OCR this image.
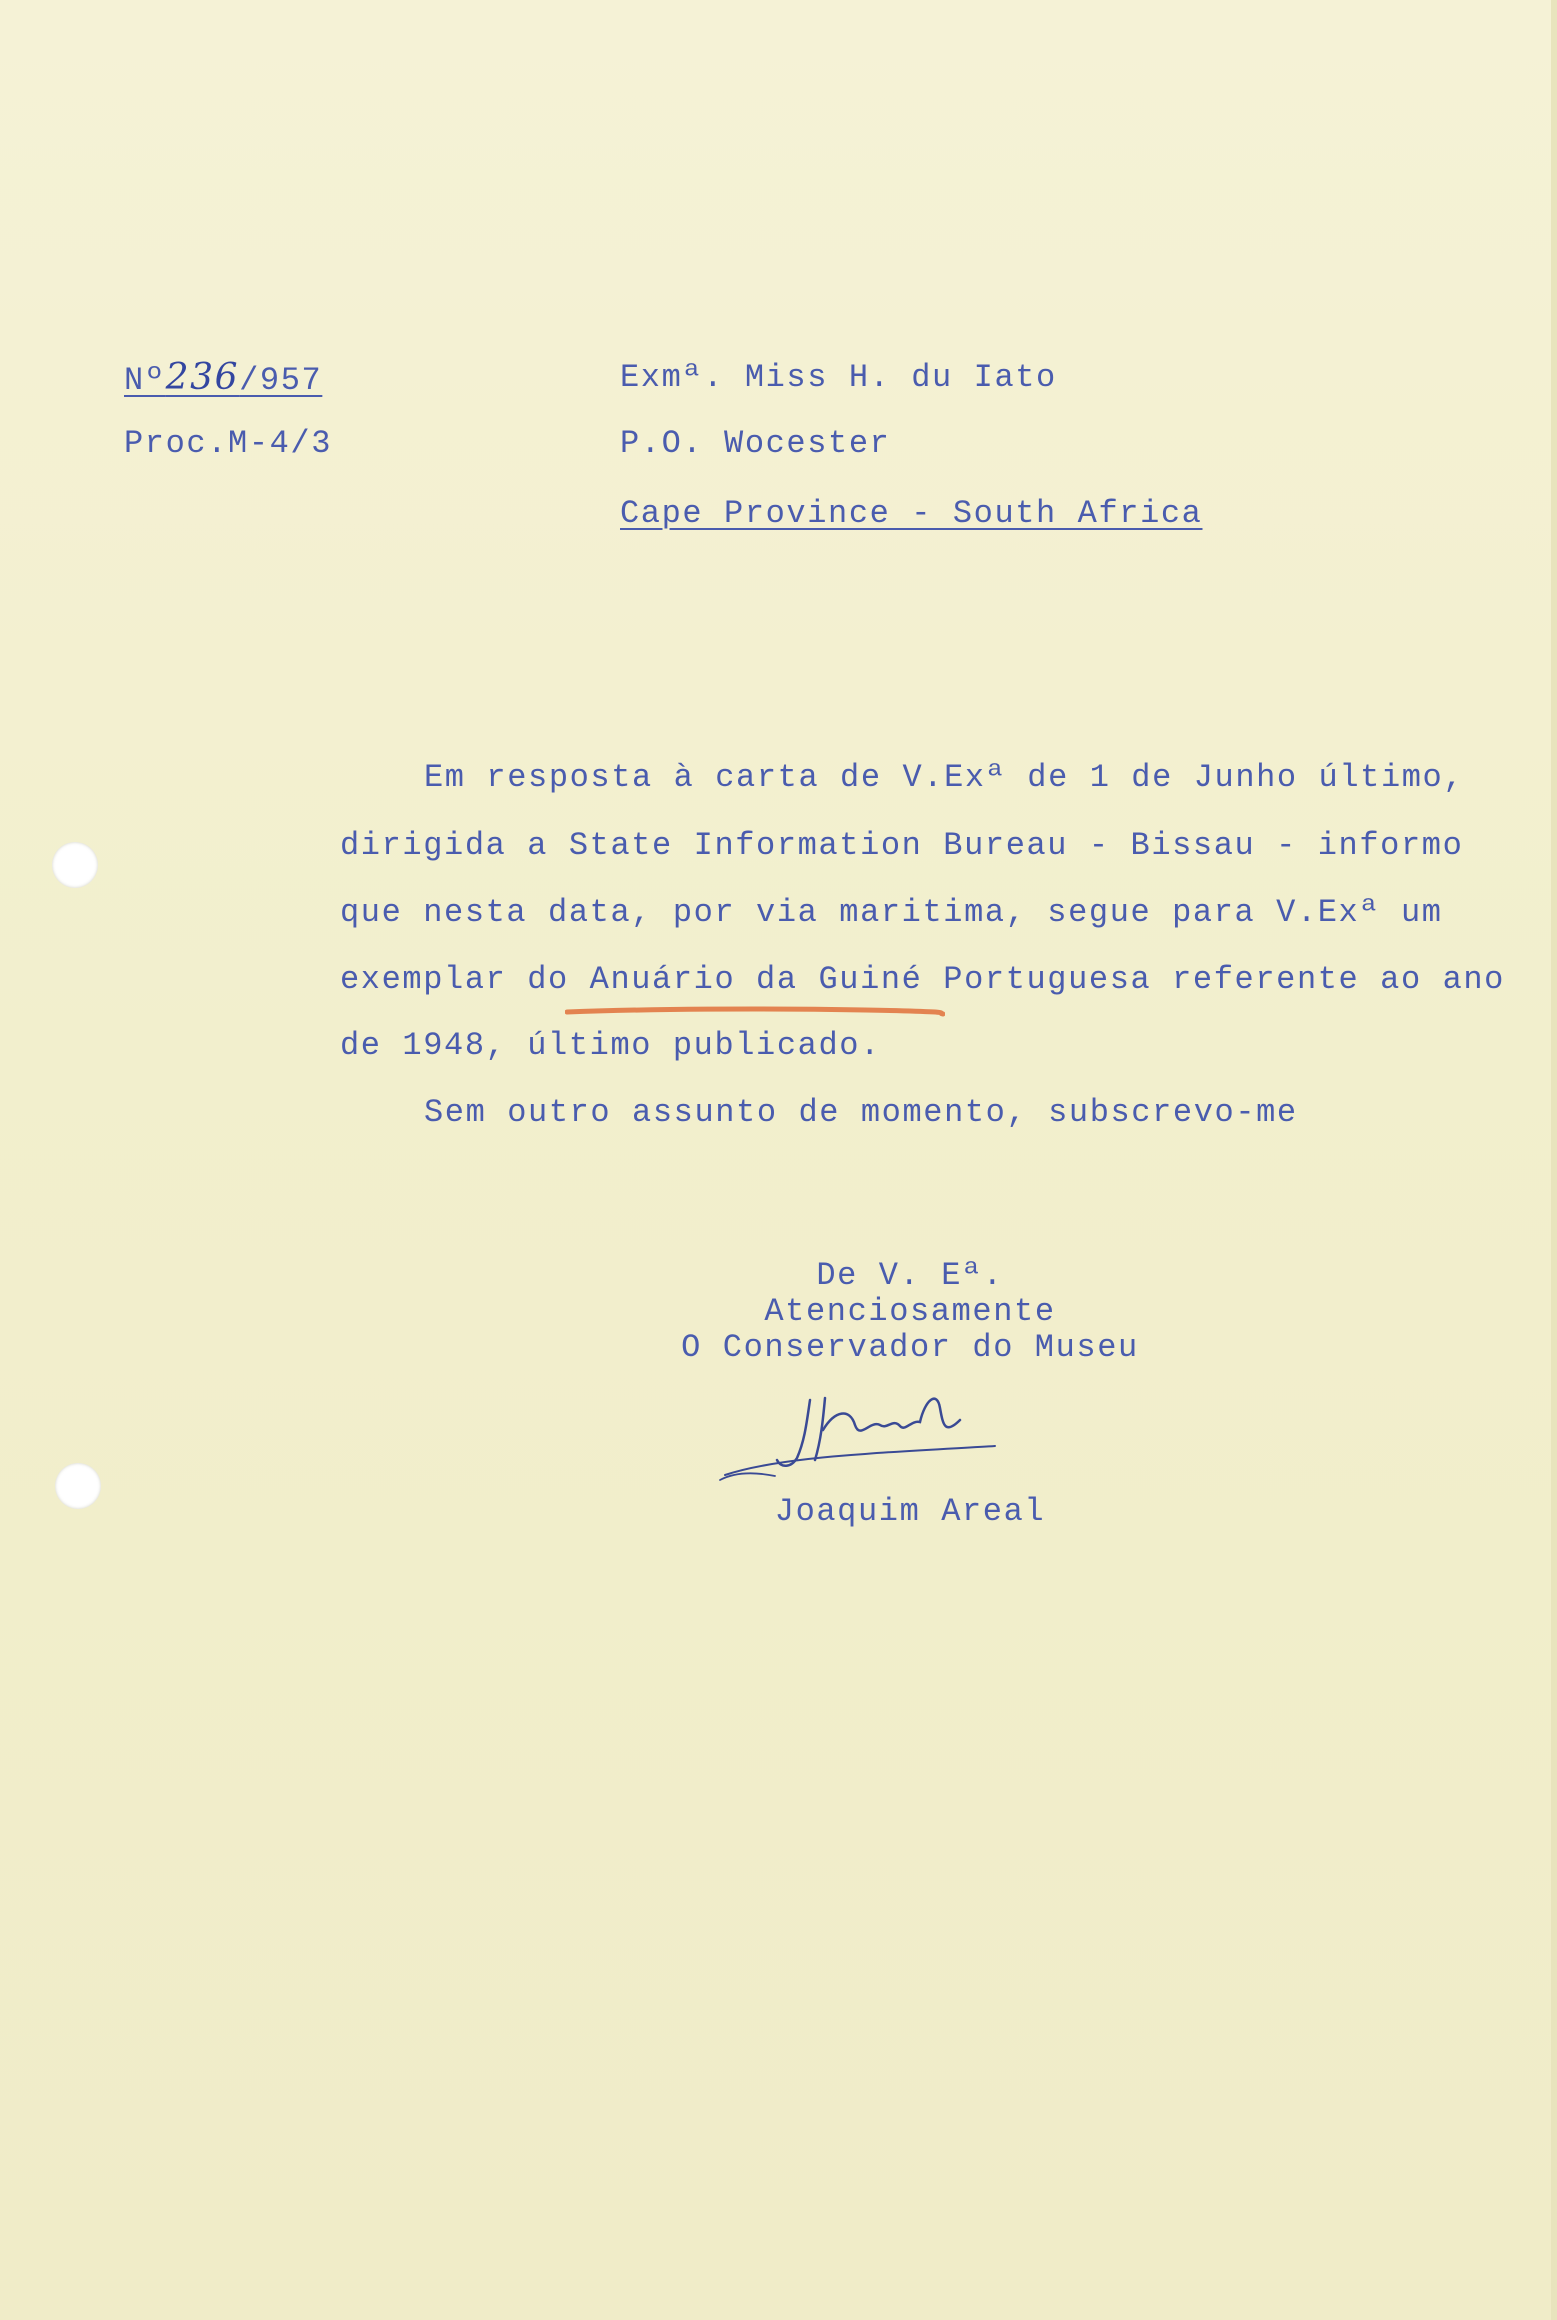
Nº236/957
Proc.M-4/3
Exmª. Miss H. du Iato
P.O. Wocester
Cape Province - South Africa
Em resposta à carta de V.Exª de 1 de Junho último,
dirigida a State Information Bureau - Bissau - informo
que nesta data, por via maritima, segue para V.Exª um
exemplar do Anuário da Guiné Portuguesa referente ao ano
de 1948, último publicado.
Sem outro assunto de momento, subscrevo-me
De V. Eª.
Atenciosamente
O Conservador do Museu
Joaquim Areal
